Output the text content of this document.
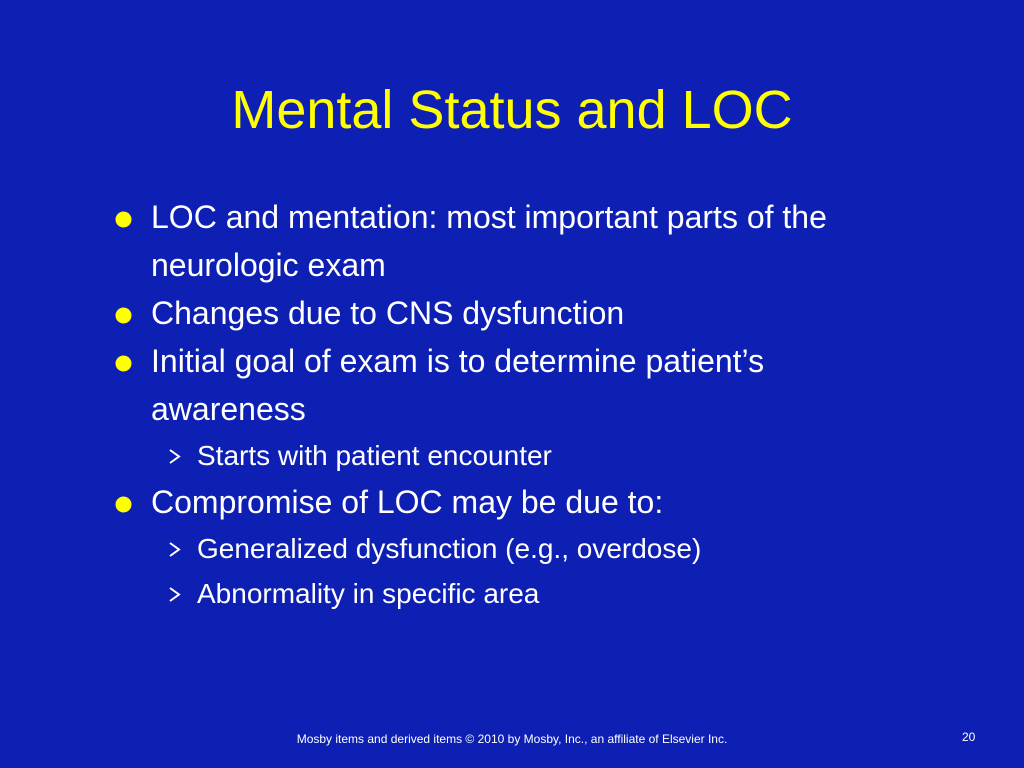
Mental Status and LOC
LOC and mentation: most important parts of the neurologic exam
Changes due to CNS dysfunction
Initial goal of exam is to determine patient’s awareness
Starts with patient encounter
Compromise of LOC may be due to:
Generalized dysfunction (e.g., overdose)
Abnormality in specific area
Mosby items and derived items © 2010 by Mosby, Inc., an affiliate of Elsevier Inc.	20
